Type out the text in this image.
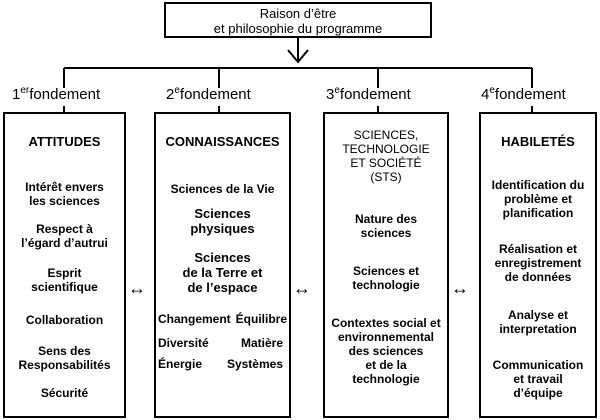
Raison d’être
et philosophie du programme
1erfondement	2efondement	3efondement	4efondement
ATTITUDES
Intérêt envers
les sciences
Respect à
l’égard d’autrui
Esprit
scientifique
Collaboration
Sens des
Responsabilités
Sécurité
↔
CONNAISSANCES
Sciences de la Vie
Sciences
physiques
Sciences
de la Terre et
de l’espace
Changement Équilibre
Diversité	Matière
Énergie Systèmes
↔
SCIENCES,
TECHNOLOGIE
ET SOCIÉTÉ
(STS)
Nature des
sciences
Sciences et
technologie
Contextes social et
environnemental
des sciences
et de la
technologie
↔
HABILETÉS
Identification du
problème et
planification
Réalisation et
enregistrement
de données
Analyse et
interpretation
Communication
et travail
d’équipe
